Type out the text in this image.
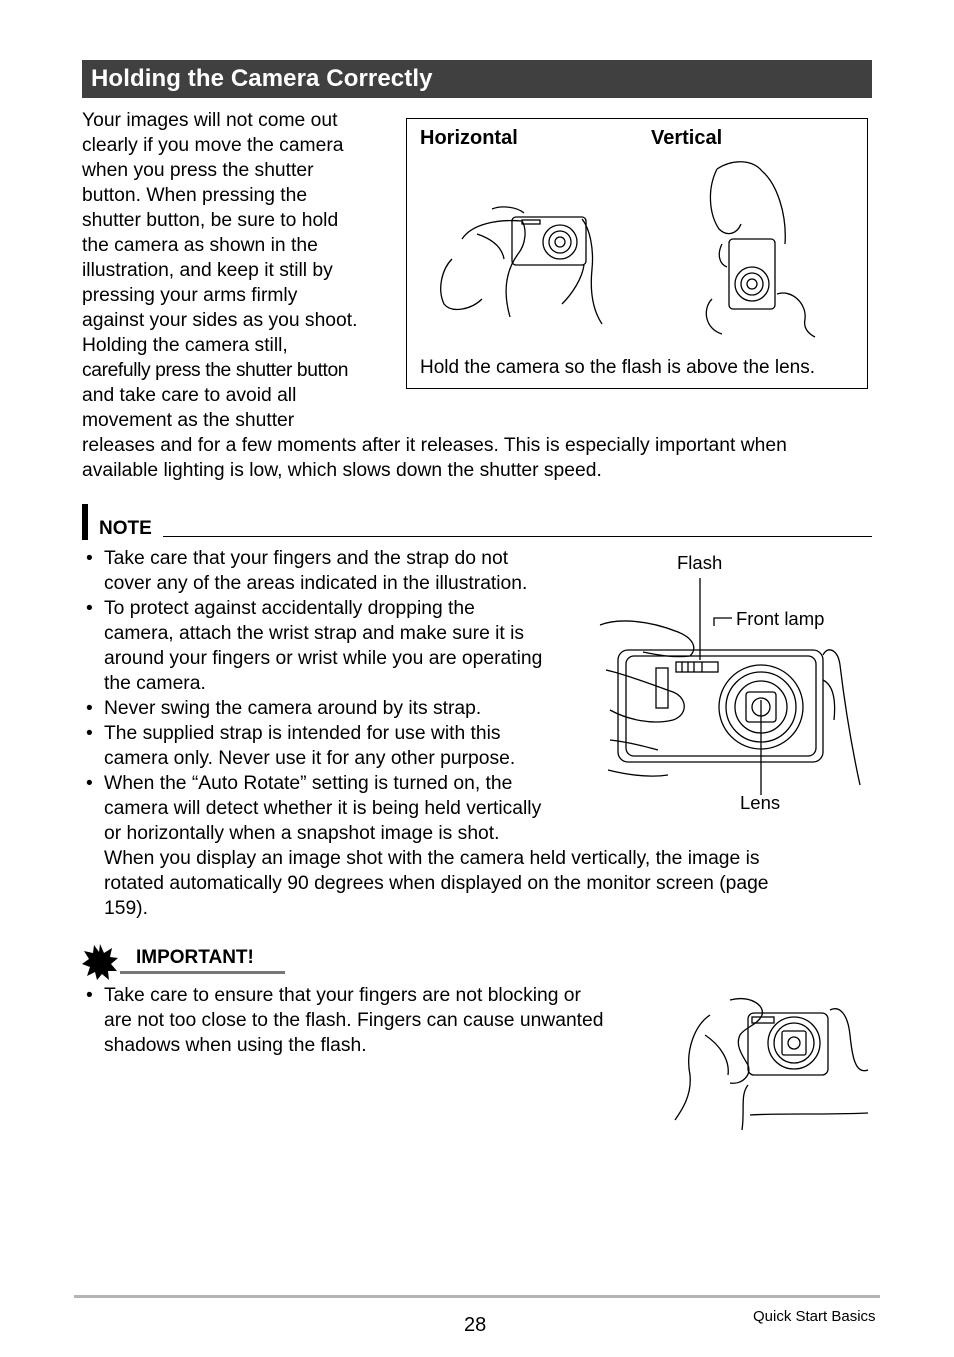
Holding the Camera Correctly
Your images will not come out
clearly if you move the camera
when you press the shutter
button. When pressing the
shutter button, be sure to hold
the camera as shown in the
illustration, and keep it still by
pressing your arms firmly
against your sides as you shoot.
Holding the camera still,
carefully press the shutter button
and take care to avoid all
movement as the shutter
releases and for a few moments after it releases. This is especially important when
available lighting is low, which slows down the shutter speed.
Horizontal	Vertical
Hold the camera so the flash is above the lens.
NOTE
• Take care that your fingers and the strap do not
cover any of the areas indicated in the illustration.
• To protect against accidentally dropping the
camera, attach the wrist strap and make sure it is
around your fingers or wrist while you are operating
the camera.
• Never swing the camera around by its strap.
• The supplied strap is intended for use with this
camera only. Never use it for any other purpose.
• When the “Auto Rotate” setting is turned on, the
camera will detect whether it is being held vertically
or horizontally when a snapshot image is shot.
When you display an image shot with the camera held vertically, the image is
rotated automatically 90 degrees when displayed on the monitor screen (page
159).
Flash
Front lamp
Lens
IMPORTANT!
• Take care to ensure that your fingers are not blocking or
are not too close to the flash. Fingers can cause unwanted
shadows when using the flash.
28	Quick Start Basics
